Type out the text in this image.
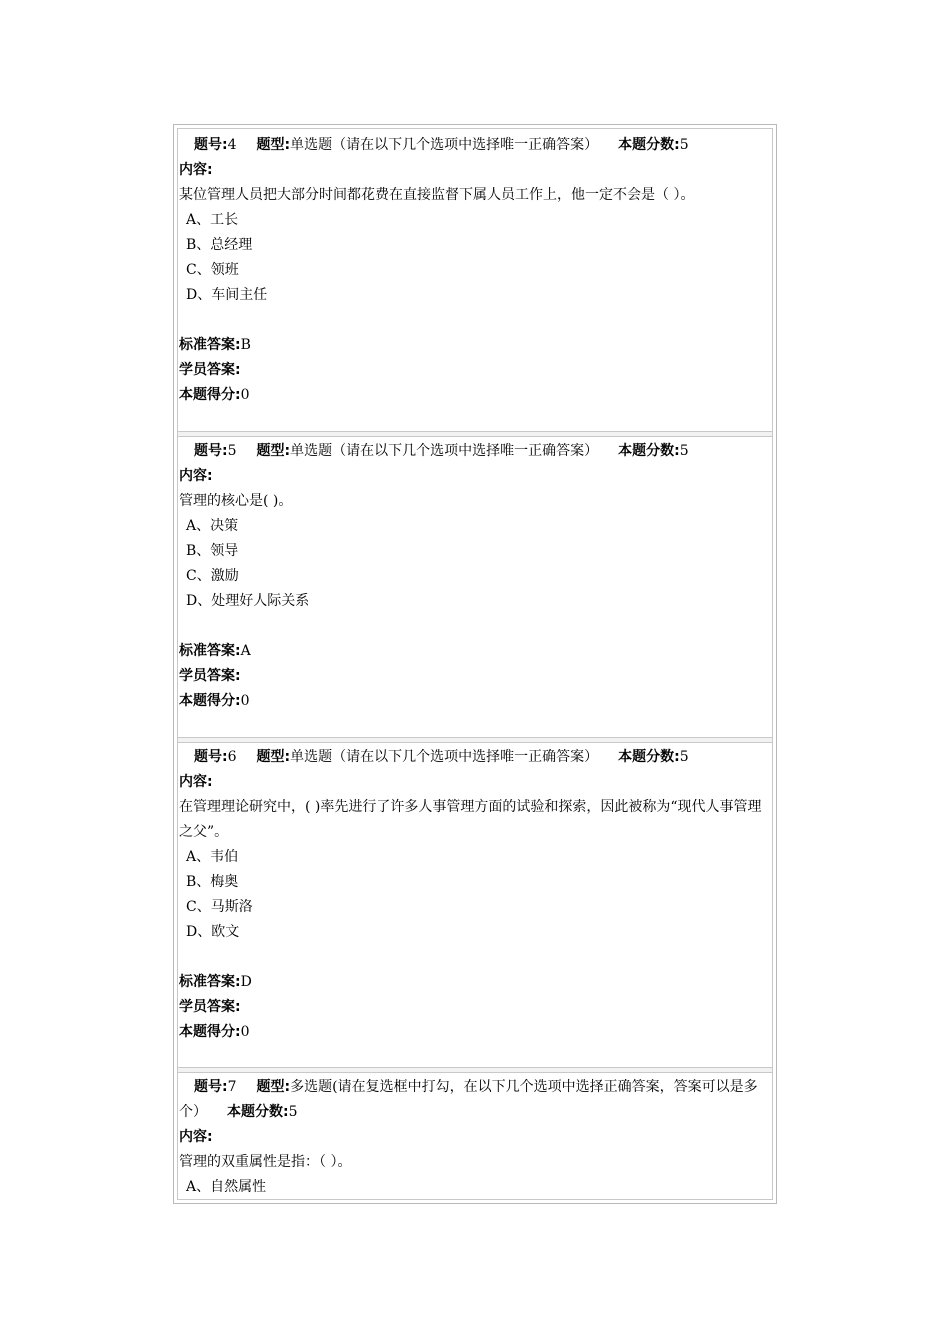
题号:4 题型:单选题（请在以下几个选项中选择唯一正确答案） 本题分数:5
内容:
某位管理人员把大部分时间都花费在直接监督下属人员工作上，他一定不会是（ ）。
A、工长
B、总经理
C、领班
D、车间主任
标准答案:B
学员答案:
本题得分:0
题号:5 题型:单选题（请在以下几个选项中选择唯一正确答案） 本题分数:5
内容:
管理的核心是( )。
A、决策
B、领导
C、激励
D、处理好人际关系
标准答案:A
学员答案:
本题得分:0
题号:6 题型:单选题（请在以下几个选项中选择唯一正确答案） 本题分数:5
内容:
在管理理论研究中，( )率先进行了许多人事管理方面的试验和探索，因此被称为“现代人事管理之父”。
A、韦伯
B、梅奥
C、马斯洛
D、欧文
标准答案:D
学员答案:
本题得分:0
题号:7 题型:多选题(请在复选框中打勾，在以下几个选项中选择正确答案，答案可以是多个） 本题分数:5
内容:
管理的双重属性是指：（ ）。
A、自然属性
